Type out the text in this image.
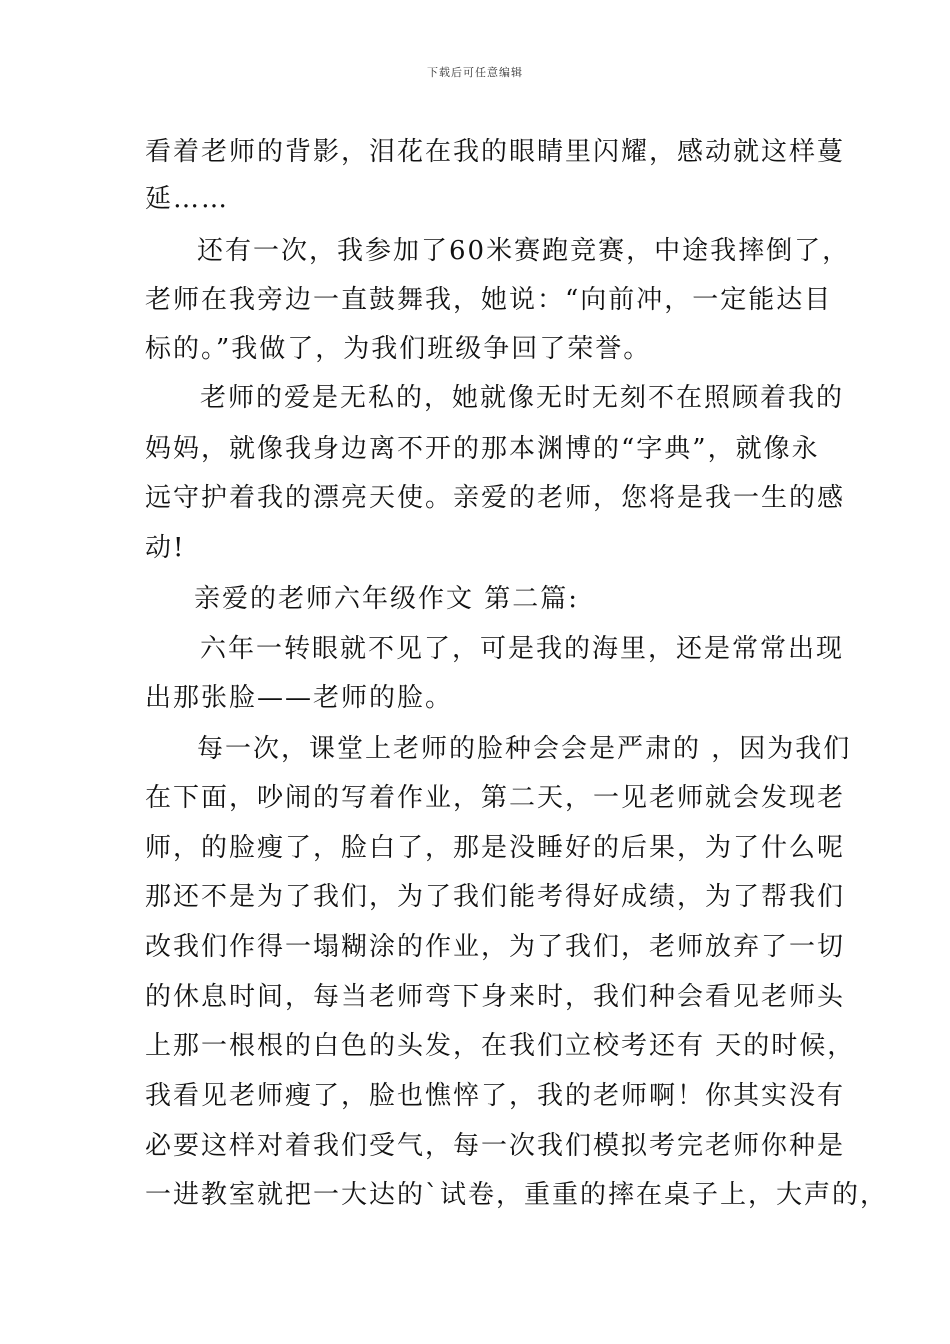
下载后可任意编辑
看着老师的背影，泪花在我的眼睛里闪耀，感动就这样蔓
延……
还有一次，我参加了60米赛跑竞赛，中途我摔倒了，
老师在我旁边一直鼓舞我，她说：“向前冲，一定能达目
标的。”我做了，为我们班级争回了荣誉。
老师的爱是无私的，她就像无时无刻不在照顾着我的
妈妈，就像我身边离不开的那本渊博的“字典”，就像永
远守护着我的漂亮天使。亲爱的老师，您将是我一生的感
动!
亲爱的老师六年级作文 第二篇:
六年一转眼就不见了，可是我的海里，还是常常出现
出那张脸——老师的脸。
每一次，课堂上老师的脸种会会是严肃的 ，因为我们
在下面，吵闹的写着作业，第二天，一见老师就会发现老
师，的脸瘦了，脸白了，那是没睡好的后果，为了什么呢
那还不是为了我们，为了我们能考得好成绩，为了帮我们
改我们作得一塌糊涂的作业，为了我们，老师放弃了一切
的休息时间，每当老师弯下身来时，我们种会看见老师头
上那一根根的白色的头发，在我们立校考还有 天的时候，
我看见老师瘦了，脸也憔悴了，我的老师啊！你其实没有
必要这样对着我们受气，每一次我们模拟考完老师你种是
一进教室就把一大达的`试卷，重重的摔在桌子上，大声的，
